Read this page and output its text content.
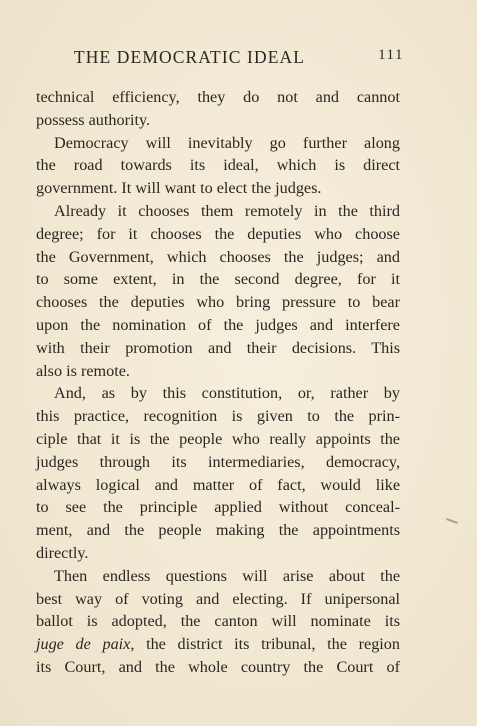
THE DEMOCRATIC IDEAL	111
technical efficiency, they do not and cannot
possess authority.
Democracy will inevitably go further along
the road towards its ideal, which is direct
government. It will want to elect the judges.
Already it chooses them remotely in the third
degree; for it chooses the deputies who choose
the Government, which chooses the judges; and
to some extent, in the second degree, for it
chooses the deputies who bring pressure to bear
upon the nomination of the judges and interfere
with their promotion and their decisions. This
also is remote.
And, as by this constitution, or, rather by
this practice, recognition is given to the prin-
ciple that it is the people who really appoints the
judges through its intermediaries, democracy,
always logical and matter of fact, would like
to see the principle applied without conceal-
ment, and the people making the appointments
directly.
Then endless questions will arise about the
best way of voting and electing. If unipersonal
ballot is adopted, the canton will nominate its
juge de paix, the district its tribunal, the region
its Court, and the whole country the Court of
